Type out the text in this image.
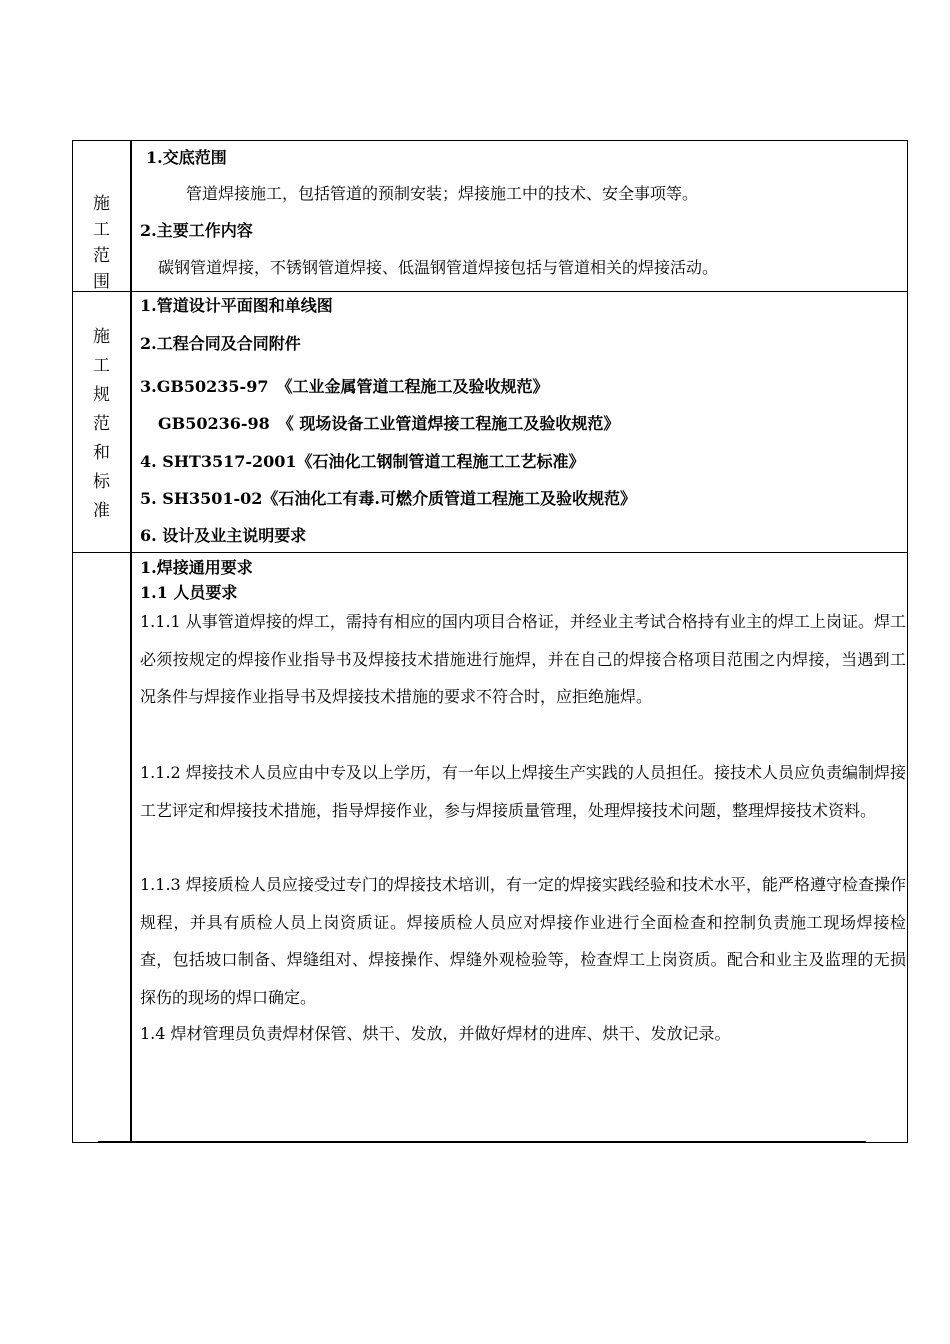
施
工
范
围
施
工
规
范
和
标
准
1.交底范围
管道焊接施工，包括管道的预制安装；焊接施工中的技术、安全事项等。
2.主要工作内容
碳钢管道焊接，不锈钢管道焊接、低温钢管道焊接包括与管道相关的焊接活动。
1.管道设计平面图和单线图
2.工程合同及合同附件
3.GB50235-97　《工业金属管道工程施工及验收规范》
GB50236-98　《 现场设备工业管道焊接工程施工及验收规范》
4. SHT3517-2001《石油化工钢制管道工程施工工艺标准》
5. SH3501-02《石油化工有毒.可燃介质管道工程施工及验收规范》
6. 设计及业主说明要求
1.焊接通用要求
1.1 人员要求
1.1.1 从事管道焊接的焊工，需持有相应的国内项目合格证，并经业主考试合格持有业主的焊工上岗证。焊工必须按规定的焊接作业指导书及焊接技术措施进行施焊，并在自己的焊接合格项目范围之内焊接，当遇到工况条件与焊接作业指导书及焊接技术措施的要求不符合时，应拒绝施焊。
1.1.2 焊接技术人员应由中专及以上学历，有一年以上焊接生产实践的人员担任。接技术人员应负责编制焊接工艺评定和焊接技术措施，指导焊接作业，参与焊接质量管理，处理焊接技术问题，整理焊接技术资料。
1.1.3 焊接质检人员应接受过专门的焊接技术培训，有一定的焊接实践经验和技术水平，能严格遵守检查操作规程，并具有质检人员上岗资质证。焊接质检人员应对焊接作业进行全面检查和控制负责施工现场焊接检查，包括坡口制备、焊缝组对、焊接操作、焊缝外观检验等，检查焊工上岗资质。配合和业主及监理的无损探伤的现场的焊口确定。
1.4 焊材管理员负责焊材保管、烘干、发放，并做好焊材的进库、烘干、发放记录。
